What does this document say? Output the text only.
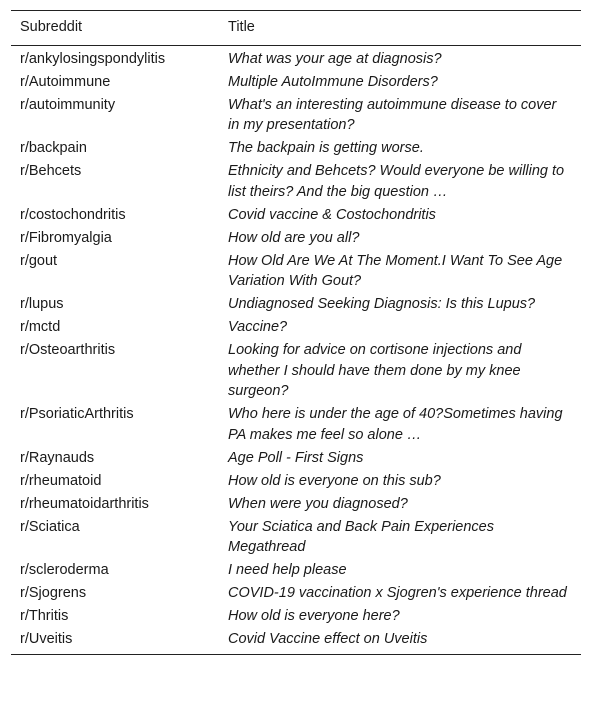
Subreddit	Title
r/ankylosingspondylitis	What was your age at diagnosis?
r/Autoimmune	Multiple AutoImmune Disorders?
r/autoimmunity	What's an interesting autoimmune disease to cover in my presentation?
r/backpain	The backpain is getting worse.
r/Behcets	Ethnicity and Behcets? Would everyone be willing to list theirs? And the big question …
r/costochondritis	Covid vaccine & Costochondritis
r/Fibromyalgia	How old are you all?
r/gout	How Old Are We At The Moment.I Want To See Age Variation With Gout?
r/lupus	Undiagnosed Seeking Diagnosis: Is this Lupus?
r/mctd	Vaccine?
r/Osteoarthritis	Looking for advice on cortisone injections and whether I should have them done by my knee surgeon?
r/PsoriaticArthritis	Who here is under the age of 40?Sometimes having PA makes me feel so alone …
r/Raynauds	Age Poll - First Signs
r/rheumatoid	How old is everyone on this sub?
r/rheumatoidarthritis	When were you diagnosed?
r/Sciatica	Your Sciatica and Back Pain Experiences Megathread
r/scleroderma	I need help please
r/Sjogrens	COVID-19 vaccination x Sjogren's experience thread
r/Thritis	How old is everyone here?
r/Uveitis	Covid Vaccine effect on Uveitis
